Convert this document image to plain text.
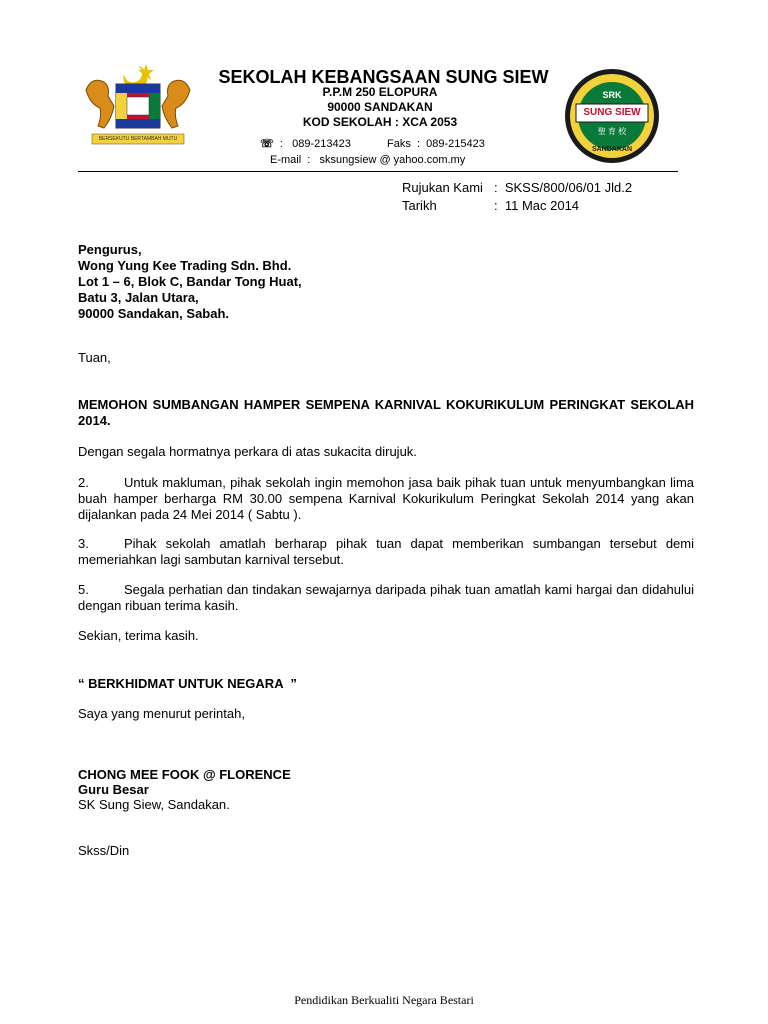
BERSEKUTU BERTAMBAH MUTU
SEKOLAH KEBANGSAAN SUNG SIEW
P.P.M 250 ELOPURA
90000 SANDAKAN
KOD SEKOLAH : XCA 2053
☏  :   089-213423	Faks  :  089-215423
E-mail  :   sksungsiew @ yahoo.com.my
SRK
SUNG SIEW
聖 育 校
SANDAKAN
Rujukan Kami :  SKSS/800/06/01 Jld.2
Tarikh	:  11 Mac 2014
Pengurus,
Wong Yung Kee Trading Sdn. Bhd.
Lot 1 – 6, Blok C, Bandar Tong Huat,
Batu 3, Jalan Utara,
90000 Sandakan, Sabah.
Tuan,
MEMOHON SUMBANGAN HAMPER SEMPENA KARNIVAL KOKURIKULUM PERINGKAT SEKOLAH 2014.
Dengan segala hormatnya perkara di atas sukacita dirujuk.
2.	Untuk makluman, pihak sekolah ingin memohon jasa baik pihak tuan untuk menyumbangkan lima buah hamper berharga RM 30.00 sempena Karnival Kokurikulum Peringkat Sekolah 2014 yang akan dijalankan pada 24 Mei 2014 ( Sabtu ).
3.	Pihak sekolah amatlah berharap pihak tuan dapat memberikan sumbangan tersebut demi memeriahkan lagi sambutan karnival tersebut.
5.	Segala perhatian dan tindakan sewajarnya daripada pihak tuan amatlah kami hargai dan didahului dengan ribuan terima kasih.
Sekian, terima kasih.
“ BERKHIDMAT UNTUK NEGARA  ”
Saya yang menurut perintah,
CHONG MEE FOOK @ FLORENCE
Guru Besar
SK Sung Siew, Sandakan.
Skss/Din
Pendidikan Berkualiti Negara Bestari
